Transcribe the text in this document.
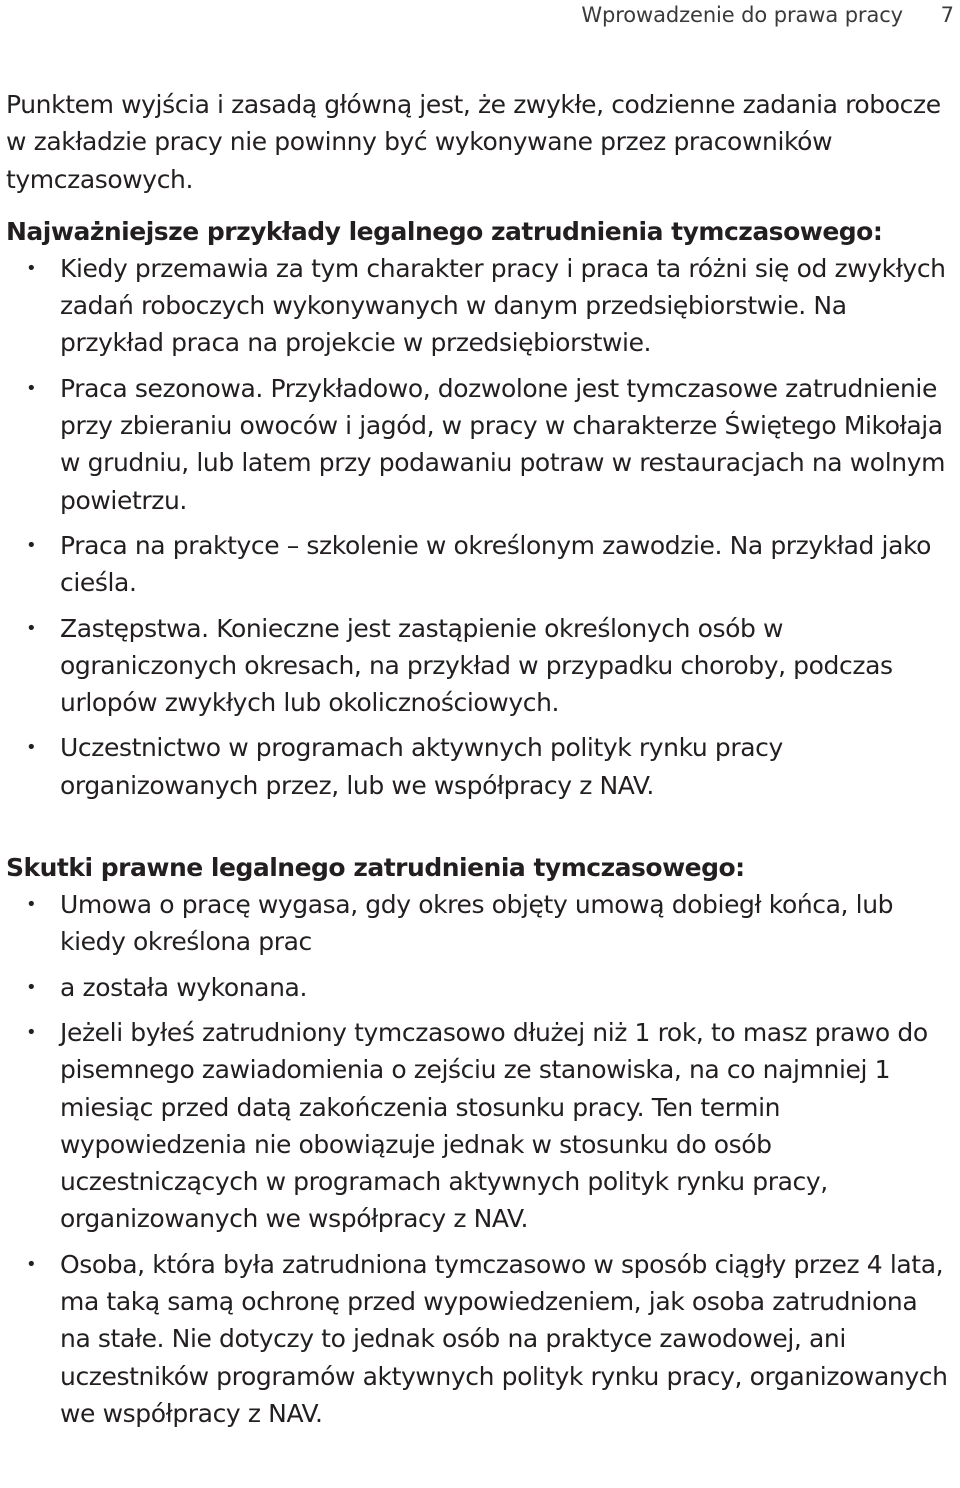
Wprowadzenie do prawa pracy 7

Punktem wyjścia i zasadą główną jest, że zwykłe, codzienne zadania robocze w zakładzie pracy nie powinny być wykonywane przez pracowników tymczasowych.

Najważniejsze przykłady legalnego zatrudnienia tymczasowego:
• Kiedy przemawia za tym charakter pracy i praca ta różni się od zwykłych zadań roboczych wykonywanych w danym przedsiębiorstwie. Na przykład praca na projekcie w przedsiębiorstwie.
• Praca sezonowa. Przykładowo, dozwolone jest tymczasowe zatrudnienie przy zbieraniu owoców i jagód, w pracy w charakterze Świętego Mikołaja w grudniu, lub latem przy podawaniu potraw w restauracjach na wolnym powietrzu.
• Praca na praktyce – szkolenie w określonym zawodzie. Na przykład jako cieśla.
• Zastępstwa. Konieczne jest zastąpienie określonych osób w ograniczonych okresach, na przykład w przypadku choroby, podczas urlopów zwykłych lub okolicznościowych.
• Uczestnictwo w programach aktywnych polityk rynku pracy organizowanych przez, lub we współpracy z NAV.
Skutki prawne legalnego zatrudnienia tymczasowego:
• Umowa o pracę wygasa, gdy okres objęty umową dobiegł końca, lub kiedy określona prac
• a została wykonana.
• Jeżeli byłeś zatrudniony tymczasowo dłużej niż 1 rok, to masz prawo do pisemnego zawiadomienia o zejściu ze stanowiska, na co najmniej 1 miesiąc przed datą zakończenia stosunku pracy. Ten termin wypowiedzenia nie obowiązuje jednak w stosunku do osób uczestniczących w programach aktywnych polityk rynku pracy, organizowanych we współpracy z NAV.
• Osoba, która była zatrudniona tymczasowo w sposób ciągły przez 4 lata, ma taką samą ochronę przed wypowiedzeniem, jak osoba zatrudniona na stałe. Nie dotyczy to jednak osób na praktyce zawodowej, ani uczestników programów aktywnych polityk rynku pracy, organizowanych we współpracy z NAV.
